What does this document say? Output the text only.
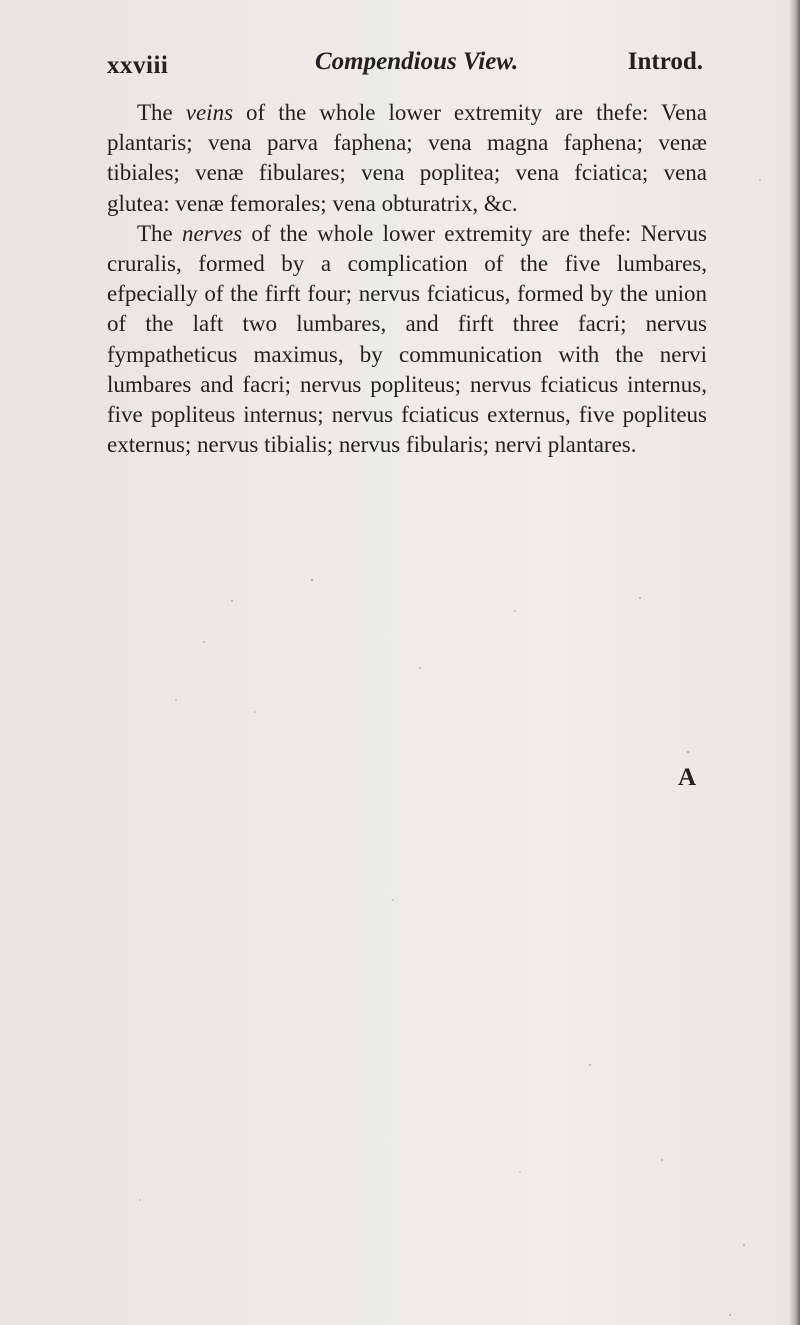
xxviii	Compendious View.	Introd.

The veins of the whole lower extremity are thefe: Vena plantaris; vena parva faphena; vena magna faphena; venæ tibiales; venæ fibulares; vena poplitea; vena fciatica; vena glutea: venæ femorales; vena obturatrix, &c.

The nerves of the whole lower extremity are thefe: Nervus cruralis, formed by a complication of the five lumbares, efpecially of the firft four; nervus fciaticus, formed by the union of the laft two lumbares, and firft three facri; nervus fympatheticus maximus, by communication with the nervi lumbares and facri; nervus popliteus; nervus fciaticus internus, five popliteus internus; nervus fciaticus externus, five popliteus externus; nervus tibialis; nervus fibularis; nervi plantares.

A
